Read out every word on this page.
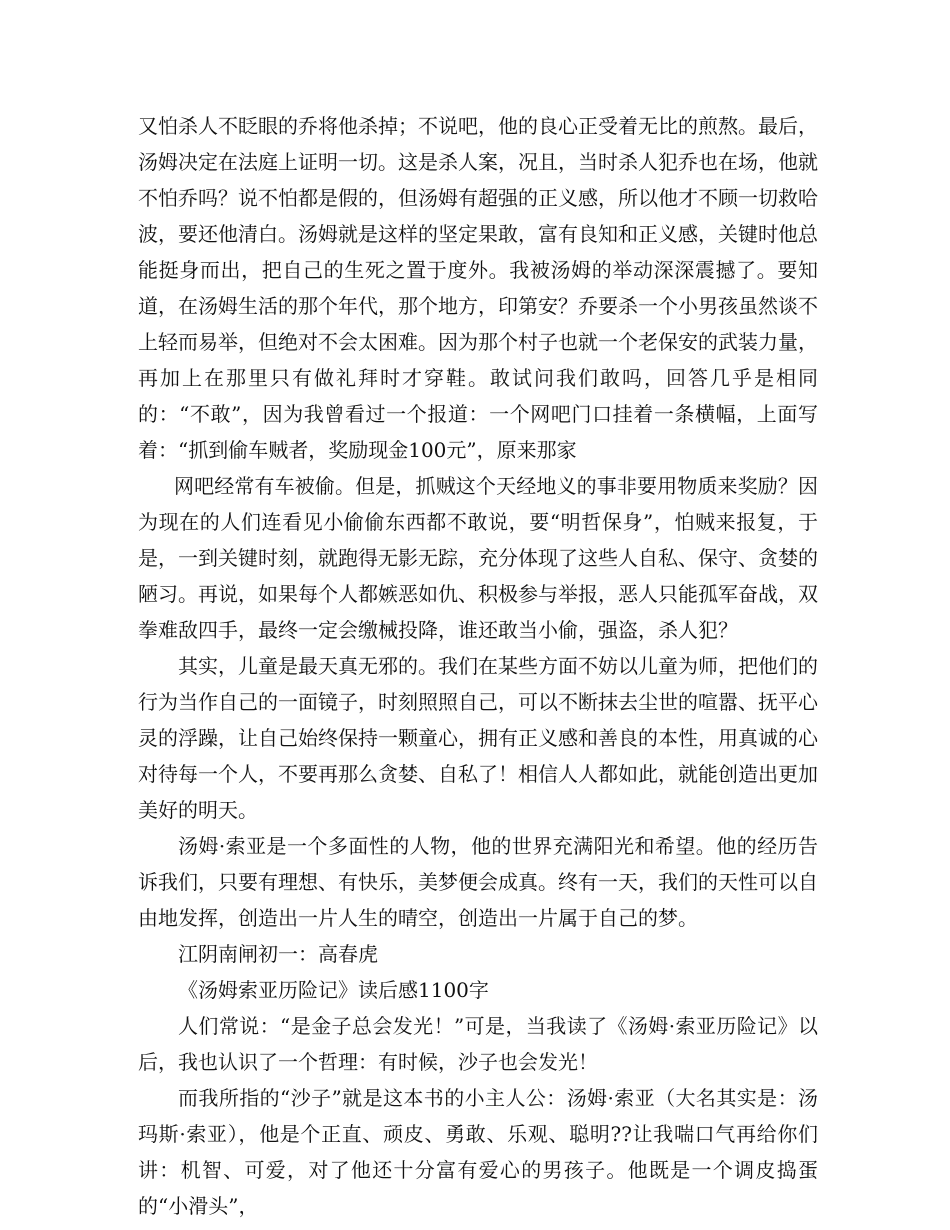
又怕杀人不眨眼的乔将他杀掉；不说吧，他的良心正受着无比的煎熬。最后，汤姆决定在法庭上证明一切。这是杀人案，况且，当时杀人犯乔也在场，他就不怕乔吗？说不怕都是假的，但汤姆有超强的正义感，所以他才不顾一切救哈波，要还他清白。汤姆就是这样的坚定果敢，富有良知和正义感，关键时他总能挺身而出，把自己的生死之置于度外。我被汤姆的举动深深震撼了。要知道，在汤姆生活的那个年代，那个地方，印第安？乔要杀一个小男孩虽然谈不上轻而易举，但绝对不会太困难。因为那个村子也就一个老保安的武装力量，再加上在那里只有做礼拜时才穿鞋。敢试问我们敢吗，回答几乎是相同的：“不敢”，因为我曾看过一个报道：一个网吧门口挂着一条横幅，上面写着：“抓到偷车贼者，奖励现金100元”，原来那家

网吧经常有车被偷。但是，抓贼这个天经地义的事非要用物质来奖励？因为现在的人们连看见小偷偷东西都不敢说，要“明哲保身”，怕贼来报复，于是，一到关键时刻，就跑得无影无踪，充分体现了这些人自私、保守、贪婪的陋习。再说，如果每个人都嫉恶如仇、积极参与举报，恶人只能孤军奋战，双拳难敌四手，最终一定会缴械投降，谁还敢当小偷，强盗，杀人犯？

其实，儿童是最天真无邪的。我们在某些方面不妨以儿童为师，把他们的行为当作自己的一面镜子，时刻照照自己，可以不断抹去尘世的喧嚣、抚平心灵的浮躁，让自己始终保持一颗童心，拥有正义感和善良的本性，用真诚的心对待每一个人，不要再那么贪婪、自私了！相信人人都如此，就能创造出更加美好的明天。

汤姆·索亚是一个多面性的人物，他的世界充满阳光和希望。他的经历告诉我们，只要有理想、有快乐，美梦便会成真。终有一天，我们的天性可以自由地发挥，创造出一片人生的晴空，创造出一片属于自己的梦。

江阴南闸初一：高春虎

《汤姆索亚历险记》读后感1100字

人们常说：“是金子总会发光！”可是，当我读了《汤姆·索亚历险记》以后，我也认识了一个哲理：有时候，沙子也会发光！

而我所指的“沙子”就是这本书的小主人公：汤姆·索亚（大名其实是：汤玛斯·索亚），他是个正直、顽皮、勇敢、乐观、聪明??让我喘口气再给你们讲：机智、可爱，对了他还十分富有爱心的男孩子。他既是一个调皮捣蛋的“小滑头”，
